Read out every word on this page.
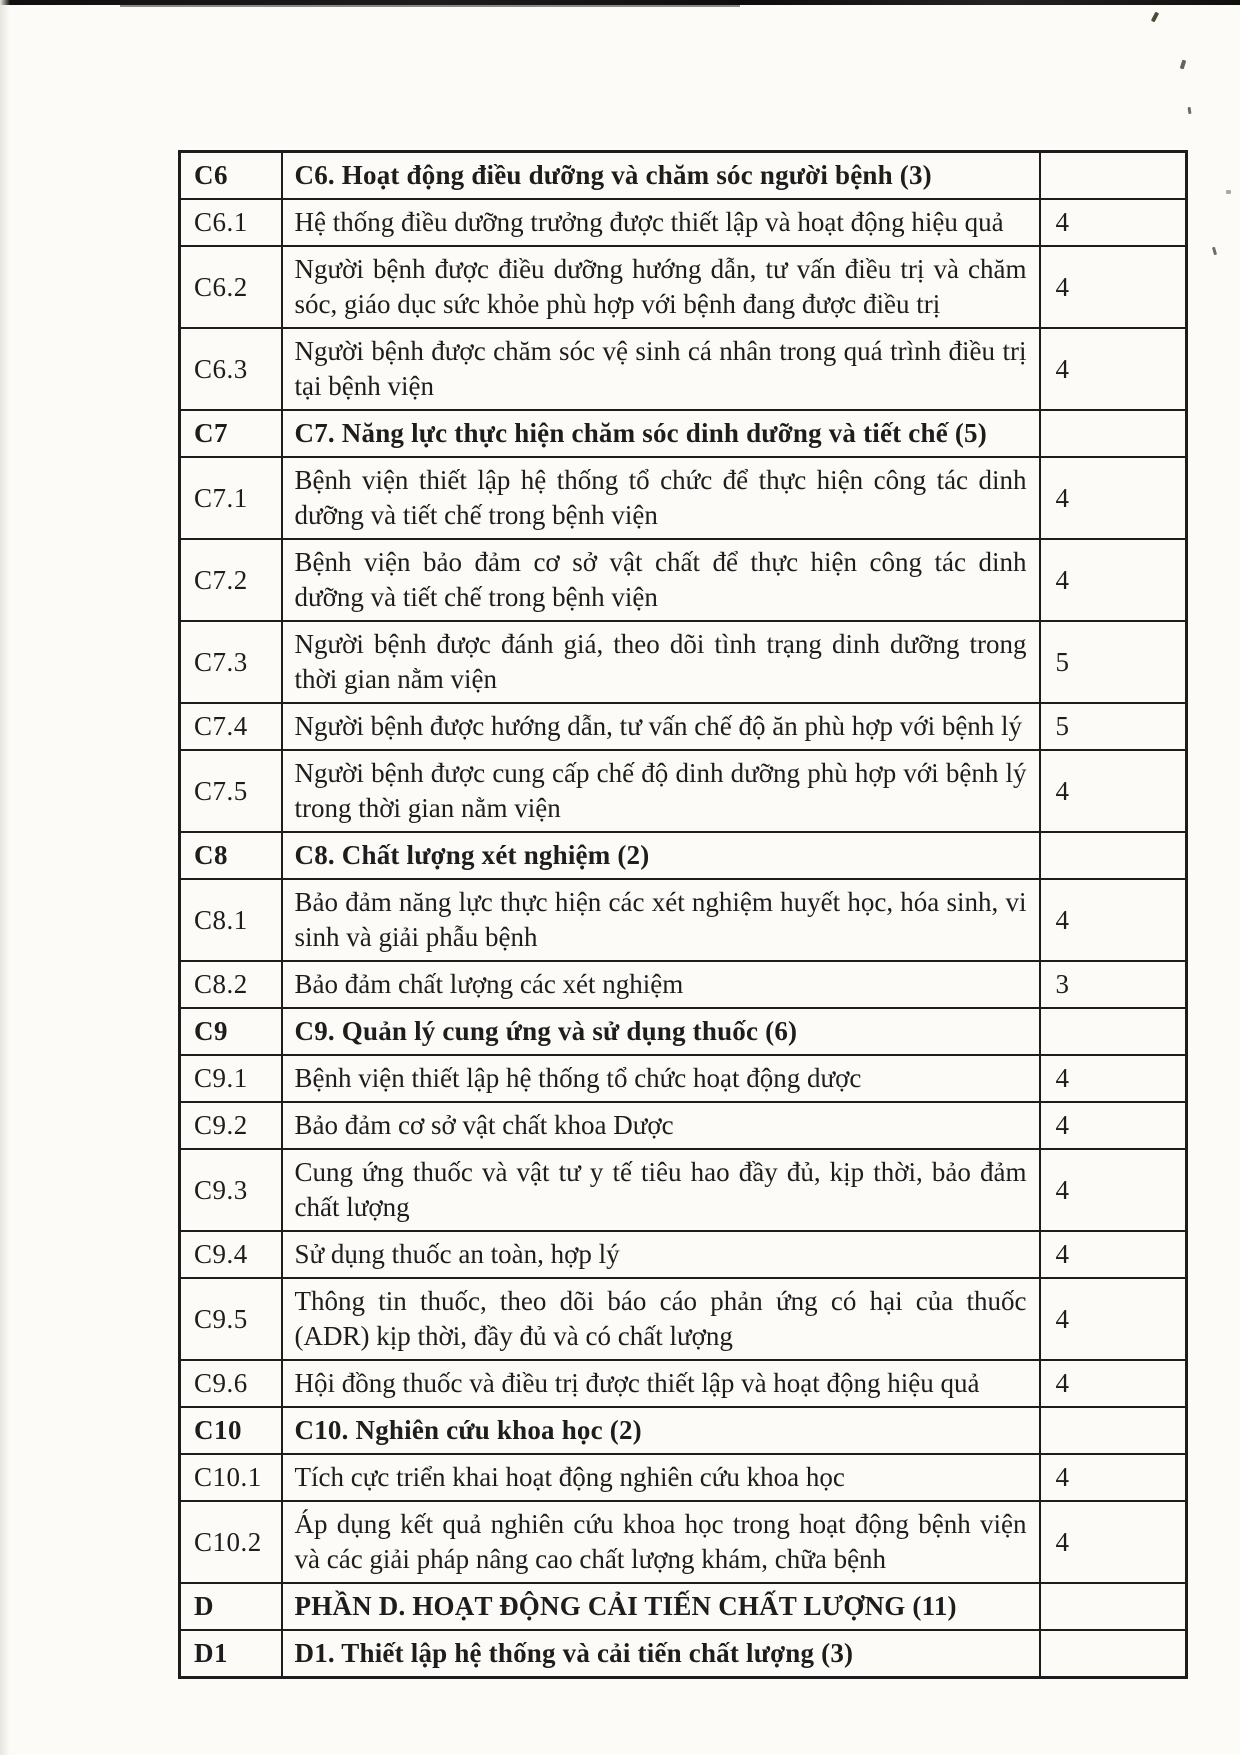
C6	C6. Hoạt động điều dưỡng và chăm sóc người bệnh (3)	
C6.1	Hệ thống điều dưỡng trưởng được thiết lập và hoạt động hiệu quả	4
C6.2	Người bệnh được điều dưỡng hướng dẫn, tư vấn điều trị và chăm sóc, giáo dục sức khỏe phù hợp với bệnh đang được điều trị	4
C6.3	Người bệnh được chăm sóc vệ sinh cá nhân trong quá trình điều trị tại bệnh viện	4
C7	C7. Năng lực thực hiện chăm sóc dinh dưỡng và tiết chế (5)	
C7.1	Bệnh viện thiết lập hệ thống tổ chức để thực hiện công tác dinh dưỡng và tiết chế trong bệnh viện	4
C7.2	Bệnh viện bảo đảm cơ sở vật chất để thực hiện công tác dinh dưỡng và tiết chế trong bệnh viện	4
C7.3	Người bệnh được đánh giá, theo dõi tình trạng dinh dưỡng trong thời gian nằm viện	5
C7.4	Người bệnh được hướng dẫn, tư vấn chế độ ăn phù hợp với bệnh lý	5
C7.5	Người bệnh được cung cấp chế độ dinh dưỡng phù hợp với bệnh lý trong thời gian nằm viện	4
C8	C8. Chất lượng xét nghiệm (2)	
C8.1	Bảo đảm năng lực thực hiện các xét nghiệm huyết học, hóa sinh, vi sinh và giải phẫu bệnh	4
C8.2	Bảo đảm chất lượng các xét nghiệm	3
C9	C9. Quản lý cung ứng và sử dụng thuốc (6)	
C9.1	Bệnh viện thiết lập hệ thống tổ chức hoạt động dược	4
C9.2	Bảo đảm cơ sở vật chất khoa Dược	4
C9.3	Cung ứng thuốc và vật tư y tế tiêu hao đầy đủ, kịp thời, bảo đảm chất lượng	4
C9.4	Sử dụng thuốc an toàn, hợp lý	4
C9.5	Thông tin thuốc, theo dõi báo cáo phản ứng có hại của thuốc (ADR) kịp thời, đầy đủ và có chất lượng	4
C9.6	Hội đồng thuốc và điều trị được thiết lập và hoạt động hiệu quả	4
C10	C10. Nghiên cứu khoa học (2)	
C10.1	Tích cực triển khai hoạt động nghiên cứu khoa học	4
C10.2	Áp dụng kết quả nghiên cứu khoa học trong hoạt động bệnh viện và các giải pháp nâng cao chất lượng khám, chữa bệnh	4
D	PHẦN D. HOẠT ĐỘNG CẢI TIẾN CHẤT LƯỢNG (11)	
D1	D1. Thiết lập hệ thống và cải tiến chất lượng (3)	
